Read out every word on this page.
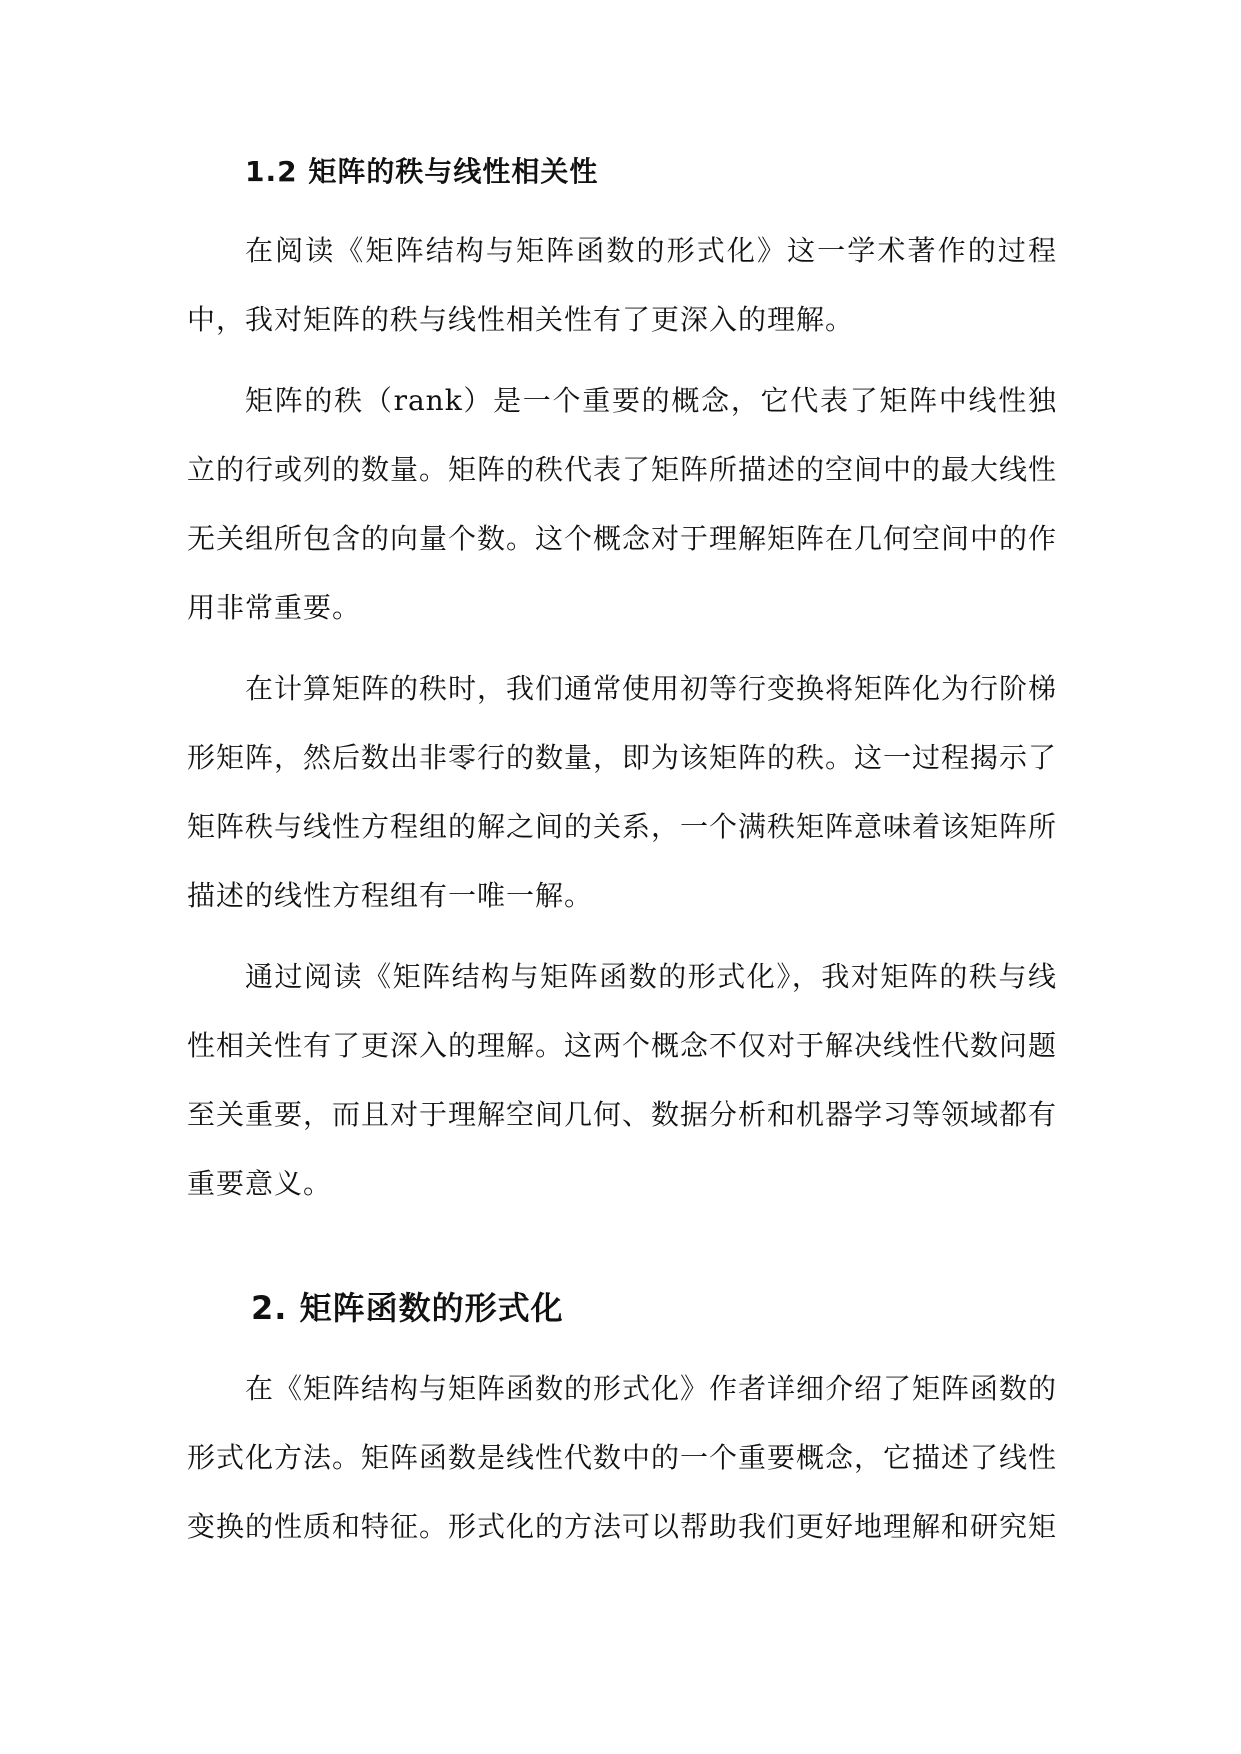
1.2 矩阵的秩与线性相关性

在阅读《矩阵结构与矩阵函数的形式化》这一学术著作的过程中，我对矩阵的秩与线性相关性有了更深入的理解。

矩阵的秩（rank）是一个重要的概念，它代表了矩阵中线性独立的行或列的数量。矩阵的秩代表了矩阵所描述的空间中的最大线性无关组所包含的向量个数。这个概念对于理解矩阵在几何空间中的作用非常重要。

在计算矩阵的秩时，我们通常使用初等行变换将矩阵化为行阶梯形矩阵，然后数出非零行的数量，即为该矩阵的秩。这一过程揭示了矩阵秩与线性方程组的解之间的关系，一个满秩矩阵意味着该矩阵所描述的线性方程组有一唯一解。

通过阅读《矩阵结构与矩阵函数的形式化》，我对矩阵的秩与线性相关性有了更深入的理解。这两个概念不仅对于解决线性代数问题至关重要，而且对于理解空间几何、数据分析和机器学习等领域都有重要意义。

2. 矩阵函数的形式化

在《矩阵结构与矩阵函数的形式化》作者详细介绍了矩阵函数的形式化方法。矩阵函数是线性代数中的一个重要概念，它描述了线性变换的性质和特征。形式化的方法可以帮助我们更好地理解和研究矩
